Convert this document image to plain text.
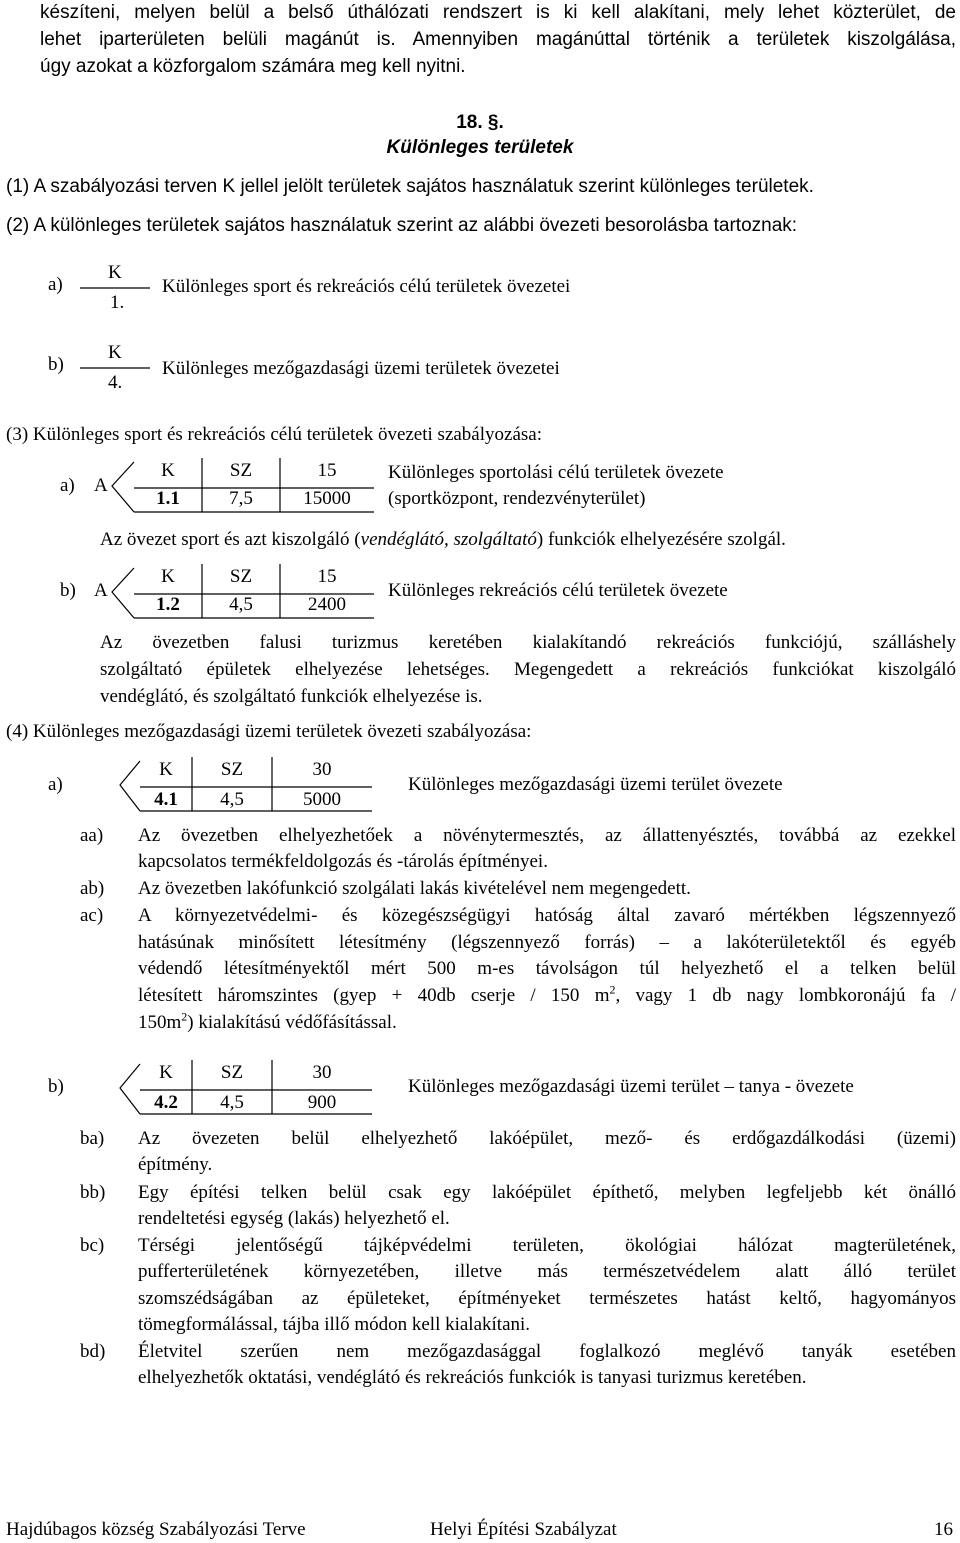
készíteni, melyen belül a belső úthálózati rendszert is ki kell alakítani, mely lehet közterület, de
lehet iparterületen belüli magánút is. Amennyiben magánúttal történik a területek kiszolgálása,
úgy azokat a közforgalom számára meg kell nyitni.
18. §.
Különleges területek
(1) A szabályozási terven K jellel jelölt területek sajátos használatuk szerint különleges területek.
(2) A különleges területek sajátos használatuk szerint az alábbi övezeti besorolásba tartoznak:
a)
K
1.
Különleges sport és rekreációs célú területek övezetei
b)
K
4.
Különleges mezőgazdasági üzemi területek övezetei
(3) Különleges sport és rekreációs célú területek övezeti szabályozása:
a) A
K	SZ	15
1.1	7,5	15000
Különleges sportolási célú területek övezete
(sportközpont, rendezvényterület)
Az övezet sport és azt kiszolgáló (vendéglátó, szolgáltató) funkciók elhelyezésére szolgál.
b) A
K	SZ	15
1.2	4,5	2400
Különleges rekreációs célú területek övezete
Az övezetben falusi turizmus keretében kialakítandó rekreációs funkciójú, szálláshely
szolgáltató épületek elhelyezése lehetséges. Megengedett a rekreációs funkciókat kiszolgáló
vendéglátó, és szolgáltató funkciók elhelyezése is.
(4) Különleges mezőgazdasági üzemi területek övezeti szabályozása:
a)
K	SZ	30
4.1	4,5	5000
Különleges mezőgazdasági üzemi terület övezete
aa) Az övezetben elhelyezhetőek a növénytermesztés, az állattenyésztés, továbbá az ezekkel
kapcsolatos termékfeldolgozás és -tárolás építményei.
ab) Az övezetben lakófunkció szolgálati lakás kivételével nem megengedett.
ac) A környezetvédelmi- és közegészségügyi hatóság által zavaró mértékben légszennyező
hatásúnak minősített létesítmény (légszennyező forrás) – a lakóterületektől és egyéb
védendő létesítményektől mért 500 m-es távolságon túl helyezhető el a telken belül
létesített háromszintes (gyep + 40db cserje / 150 $m^2$, vagy 1 db nagy lombkoronájú fa /
$150m^2$) kialakítású védőfásítással.
b)
K	SZ	30
4.2	4,5	900
Különleges mezőgazdasági üzemi terület – tanya - övezete
ba) Az övezeten belül elhelyezhető lakóépület, mező- és erdőgazdálkodási (üzemi)
építmény.
bb) Egy építési telken belül csak egy lakóépület építhető, melyben legfeljebb két önálló
rendeltetési egység (lakás) helyezhető el.
bc) Térségi jelentőségű tájképvédelmi területen, ökológiai hálózat magterületének,
pufferterületének környezetében, illetve más természetvédelem alatt álló terület
szomszédságában az épületeket, építményeket természetes hatást keltő, hagyományos
tömegformálással, tájba illő módon kell kialakítani.
bd) Életvitel szerűen nem mezőgazdasággal foglalkozó meglévő tanyák esetében
elhelyezhetők oktatási, vendéglátó és rekreációs funkciók is tanyasi turizmus keretében.
Hajdúbagos község Szabályozási Terve	Helyi Építési Szabályzat	16
